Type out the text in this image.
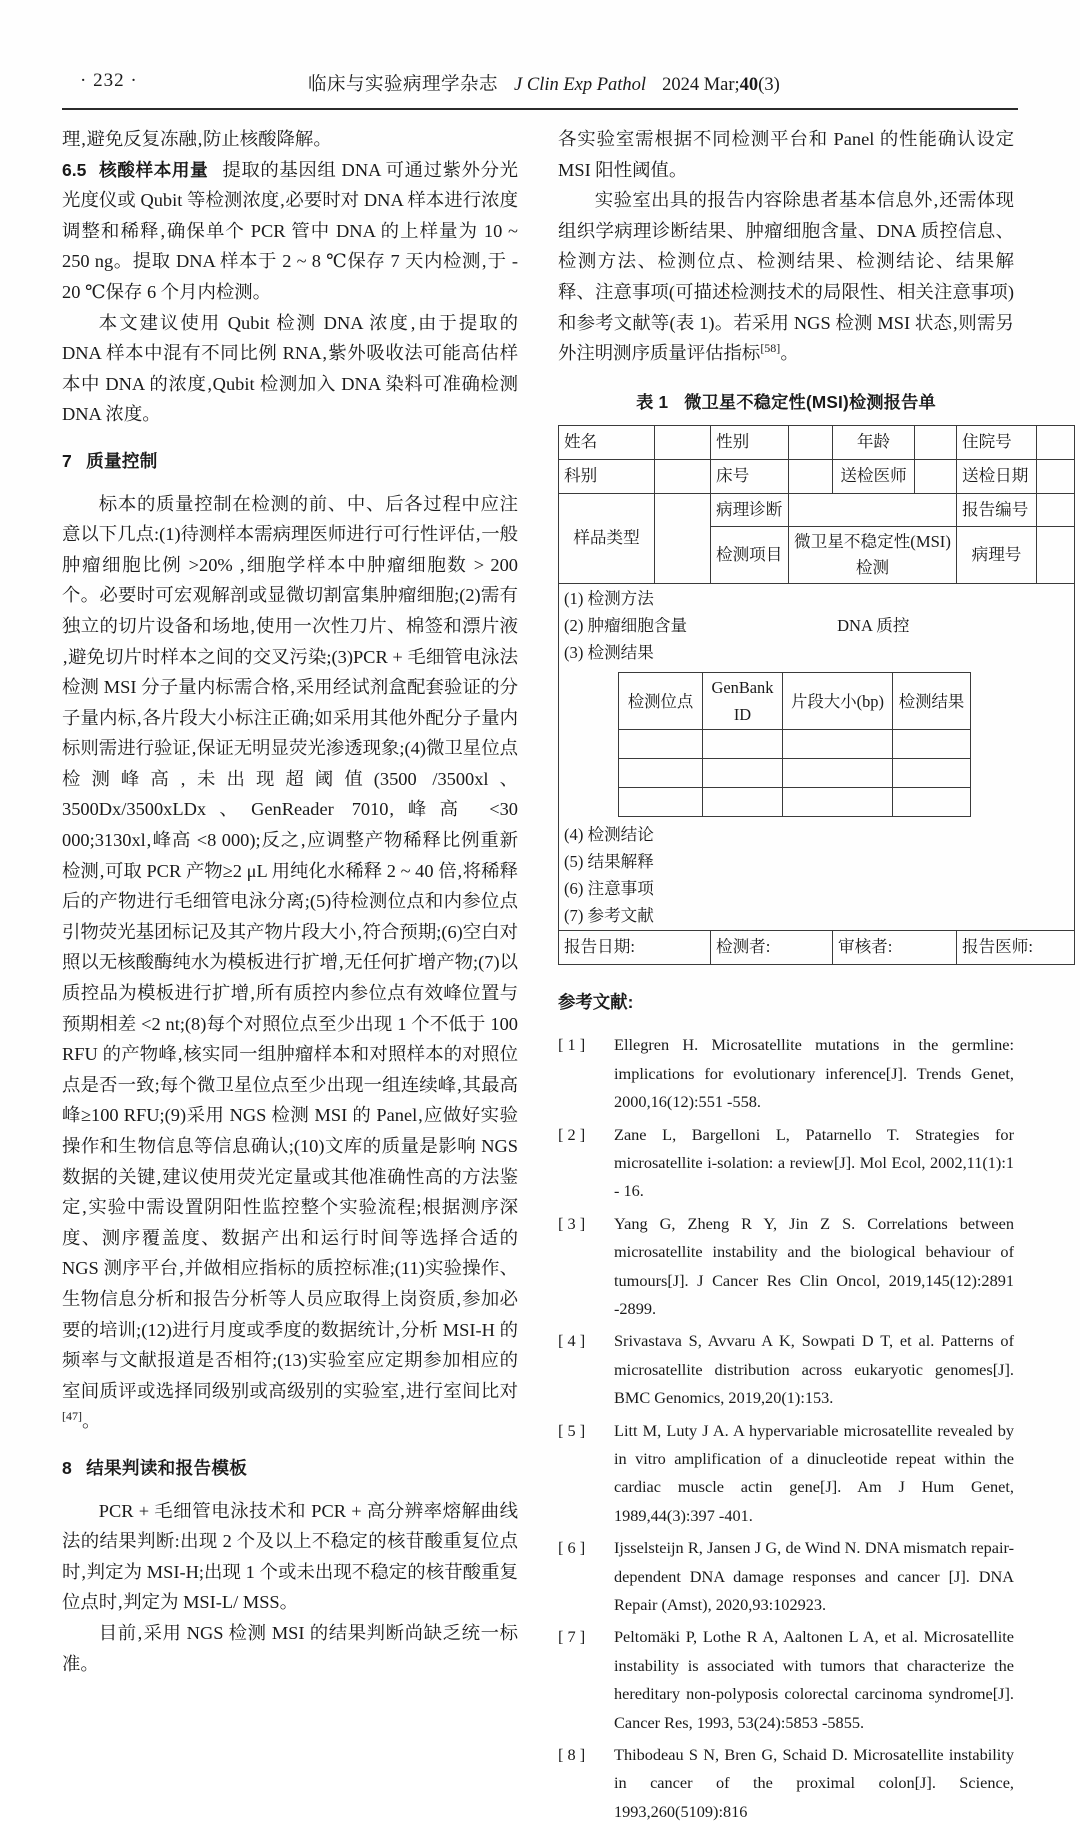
· 232 ·	临床与实验病理学杂志 J Clin Exp Pathol 2024 Mar;40(3)

理‚避免反复冻融‚防止核酸降解。

6.5 核酸样本用量 提取的基因组 DNA 可通过紫外分光光度仪或 Qubit 等检测浓度‚必要时对 DNA 样本进行浓度调整和稀释‚确保单个 PCR 管中 DNA 的上样量为 10 ~ 250 ng。提取 DNA 样本于 2 ~ 8 ℃保存 7 天内检测‚于 - 20 ℃保存 6 个月内检测。

本文建议使用 Qubit 检测 DNA 浓度‚由于提取的 DNA 样本中混有不同比例 RNA‚紫外吸收法可能高估样本中 DNA 的浓度‚Qubit 检测加入 DNA 染料可准确检测 DNA 浓度。

7 质量控制

标本的质量控制在检测的前、中、后各过程中应注意以下几点:(1)待测样本需病理医师进行可行性评估‚一般肿瘤细胞比例 >20% ‚细胞学样本中肿瘤细胞数 > 200 个。必要时可宏观解剖或显微切割富集肿瘤细胞;(2)需有独立的切片设备和场地‚使用一次性刀片、棉签和漂片液‚避免切片时样本之间的交叉污染;(3)PCR + 毛细管电泳法检测 MSI 分子量内标需合格‚采用经试剂盒配套验证的分子量内标‚各片段大小标注正确;如采用其他外配分子量内标则需进行验证‚保证无明显荧光渗透现象;(4)微卫星位点检测峰高‚未出现超阈值(3500 /3500xl、3500Dx/3500xLDx、GenReader 7010‚峰高 <30 000;3130xl‚峰高 <8 000);反之‚应调整产物稀释比例重新检测‚可取 PCR 产物≥2 μL 用纯化水稀释 2 ~ 40 倍‚将稀释后的产物进行毛细管电泳分离;(5)待检测位点和内参位点引物荧光基团标记及其产物片段大小‚符合预期;(6)空白对照以无核酸酶纯水为模板进行扩增‚无任何扩增产物;(7)以质控品为模板进行扩增‚所有质控内参位点有效峰位置与预期相差 <2 nt;(8)每个对照位点至少出现 1 个不低于 100 RFU 的产物峰‚核实同一组肿瘤样本和对照样本的对照位点是否一致;每个微卫星位点至少出现一组连续峰‚其最高峰≥100 RFU;(9)采用 NGS 检测 MSI 的 Panel‚应做好实验操作和生物信息等信息确认;(10)文库的质量是影响 NGS 数据的关键‚建议使用荧光定量或其他准确性高的方法鉴定‚实验中需设置阴阳性监控整个实验流程;根据测序深度、测序覆盖度、数据产出和运行时间等选择合适的 NGS 测序平台‚并做相应指标的质控标准;(11)实验操作、生物信息分析和报告分析等人员应取得上岗资质‚参加必要的培训;(12)进行月度或季度的数据统计‚分析 MSI-H 的频率与文献报道是否相符;(13)实验室应定期参加相应的室间质评或选择同级别或高级别的实验室‚进行室间比对[47]。

8 结果判读和报告模板

PCR + 毛细管电泳技术和 PCR + 高分辨率熔解曲线法的结果判断:出现 2 个及以上不稳定的核苷酸重复位点时‚判定为 MSI-H;出现 1 个或未出现不稳定的核苷酸重复位点时‚判定为 MSI-L/ MSS。

目前‚采用 NGS 检测 MSI 的结果判断尚缺乏统一标准。

各实验室需根据不同检测平台和 Panel 的性能确认设定 MSI 阳性阈值。

实验室出具的报告内容除患者基本信息外‚还需体现组织学病理诊断结果、肿瘤细胞含量、DNA 质控信息、检测方法、检测位点、检测结果、检测结论、结果解释、注意事项(可描述检测技术的局限性、相关注意事项)和参考文献等(表 1)。若采用 NGS 检测 MSI 状态‚则需另外注明测序质量评估指标[58]。

表 1 微卫星不稳定性(MSI)检测报告单
姓名		性别		年龄		住院号	
科别		床号		送检医师		送检日期	
样品类型		病理诊断		报告编号	
检测项目	微卫星不稳定性(MSI)检测	病理号	

(1) 检测方法
(2) 肿瘤细胞含量	DNA 质控
(3) 检测结果
检测位点	GenBank ID	片段大小(bp)	检测结果

(4) 检测结论
(5) 结果解释
(6) 注意事项
(7) 参考文献

报告日期:	检测者:	审核者:	报告医师:
参考文献:
[ 1 ]	Ellegren H. Microsatellite mutations in the germline: implications for evolutionary inference[J]. Trends Genet, 2000,16(12):551 -558.
[ 2 ]	Zane L, Bargelloni L, Patarnello T. Strategies for microsatellite i-solation: a review[J]. Mol Ecol, 2002,11(1):1 - 16.
[ 3 ]	Yang G, Zheng R Y, Jin Z S. Correlations between microsatellite instability and the biological behaviour of tumours[J]. J Cancer Res Clin Oncol, 2019,145(12):2891 -2899.
[ 4 ]	Srivastava S, Avvaru A K, Sowpati D T, et al. Patterns of microsatellite distribution across eukaryotic genomes[J]. BMC Genomics, 2019,20(1):153.
[ 5 ]	Litt M, Luty J A. A hypervariable microsatellite revealed by in vitro amplification of a dinucleotide repeat within the cardiac muscle actin gene[J]. Am J Hum Genet, 1989,44(3):397 -401.
[ 6 ]	Ijsselsteijn R, Jansen J G, de Wind N. DNA mismatch repair-dependent DNA damage responses and cancer [J]. DNA Repair (Amst), 2020,93:102923.
[ 7 ]	Peltomäki P, Lothe R A, Aaltonen L A, et al. Microsatellite instability is associated with tumors that characterize the hereditary non-polyposis colorectal carcinoma syndrome[J]. Cancer Res, 1993, 53(24):5853 -5855.
[ 8 ]	Thibodeau S N, Bren G, Schaid D. Microsatellite instability in cancer of the proximal colon[J]. Science, 1993,260(5109):816
